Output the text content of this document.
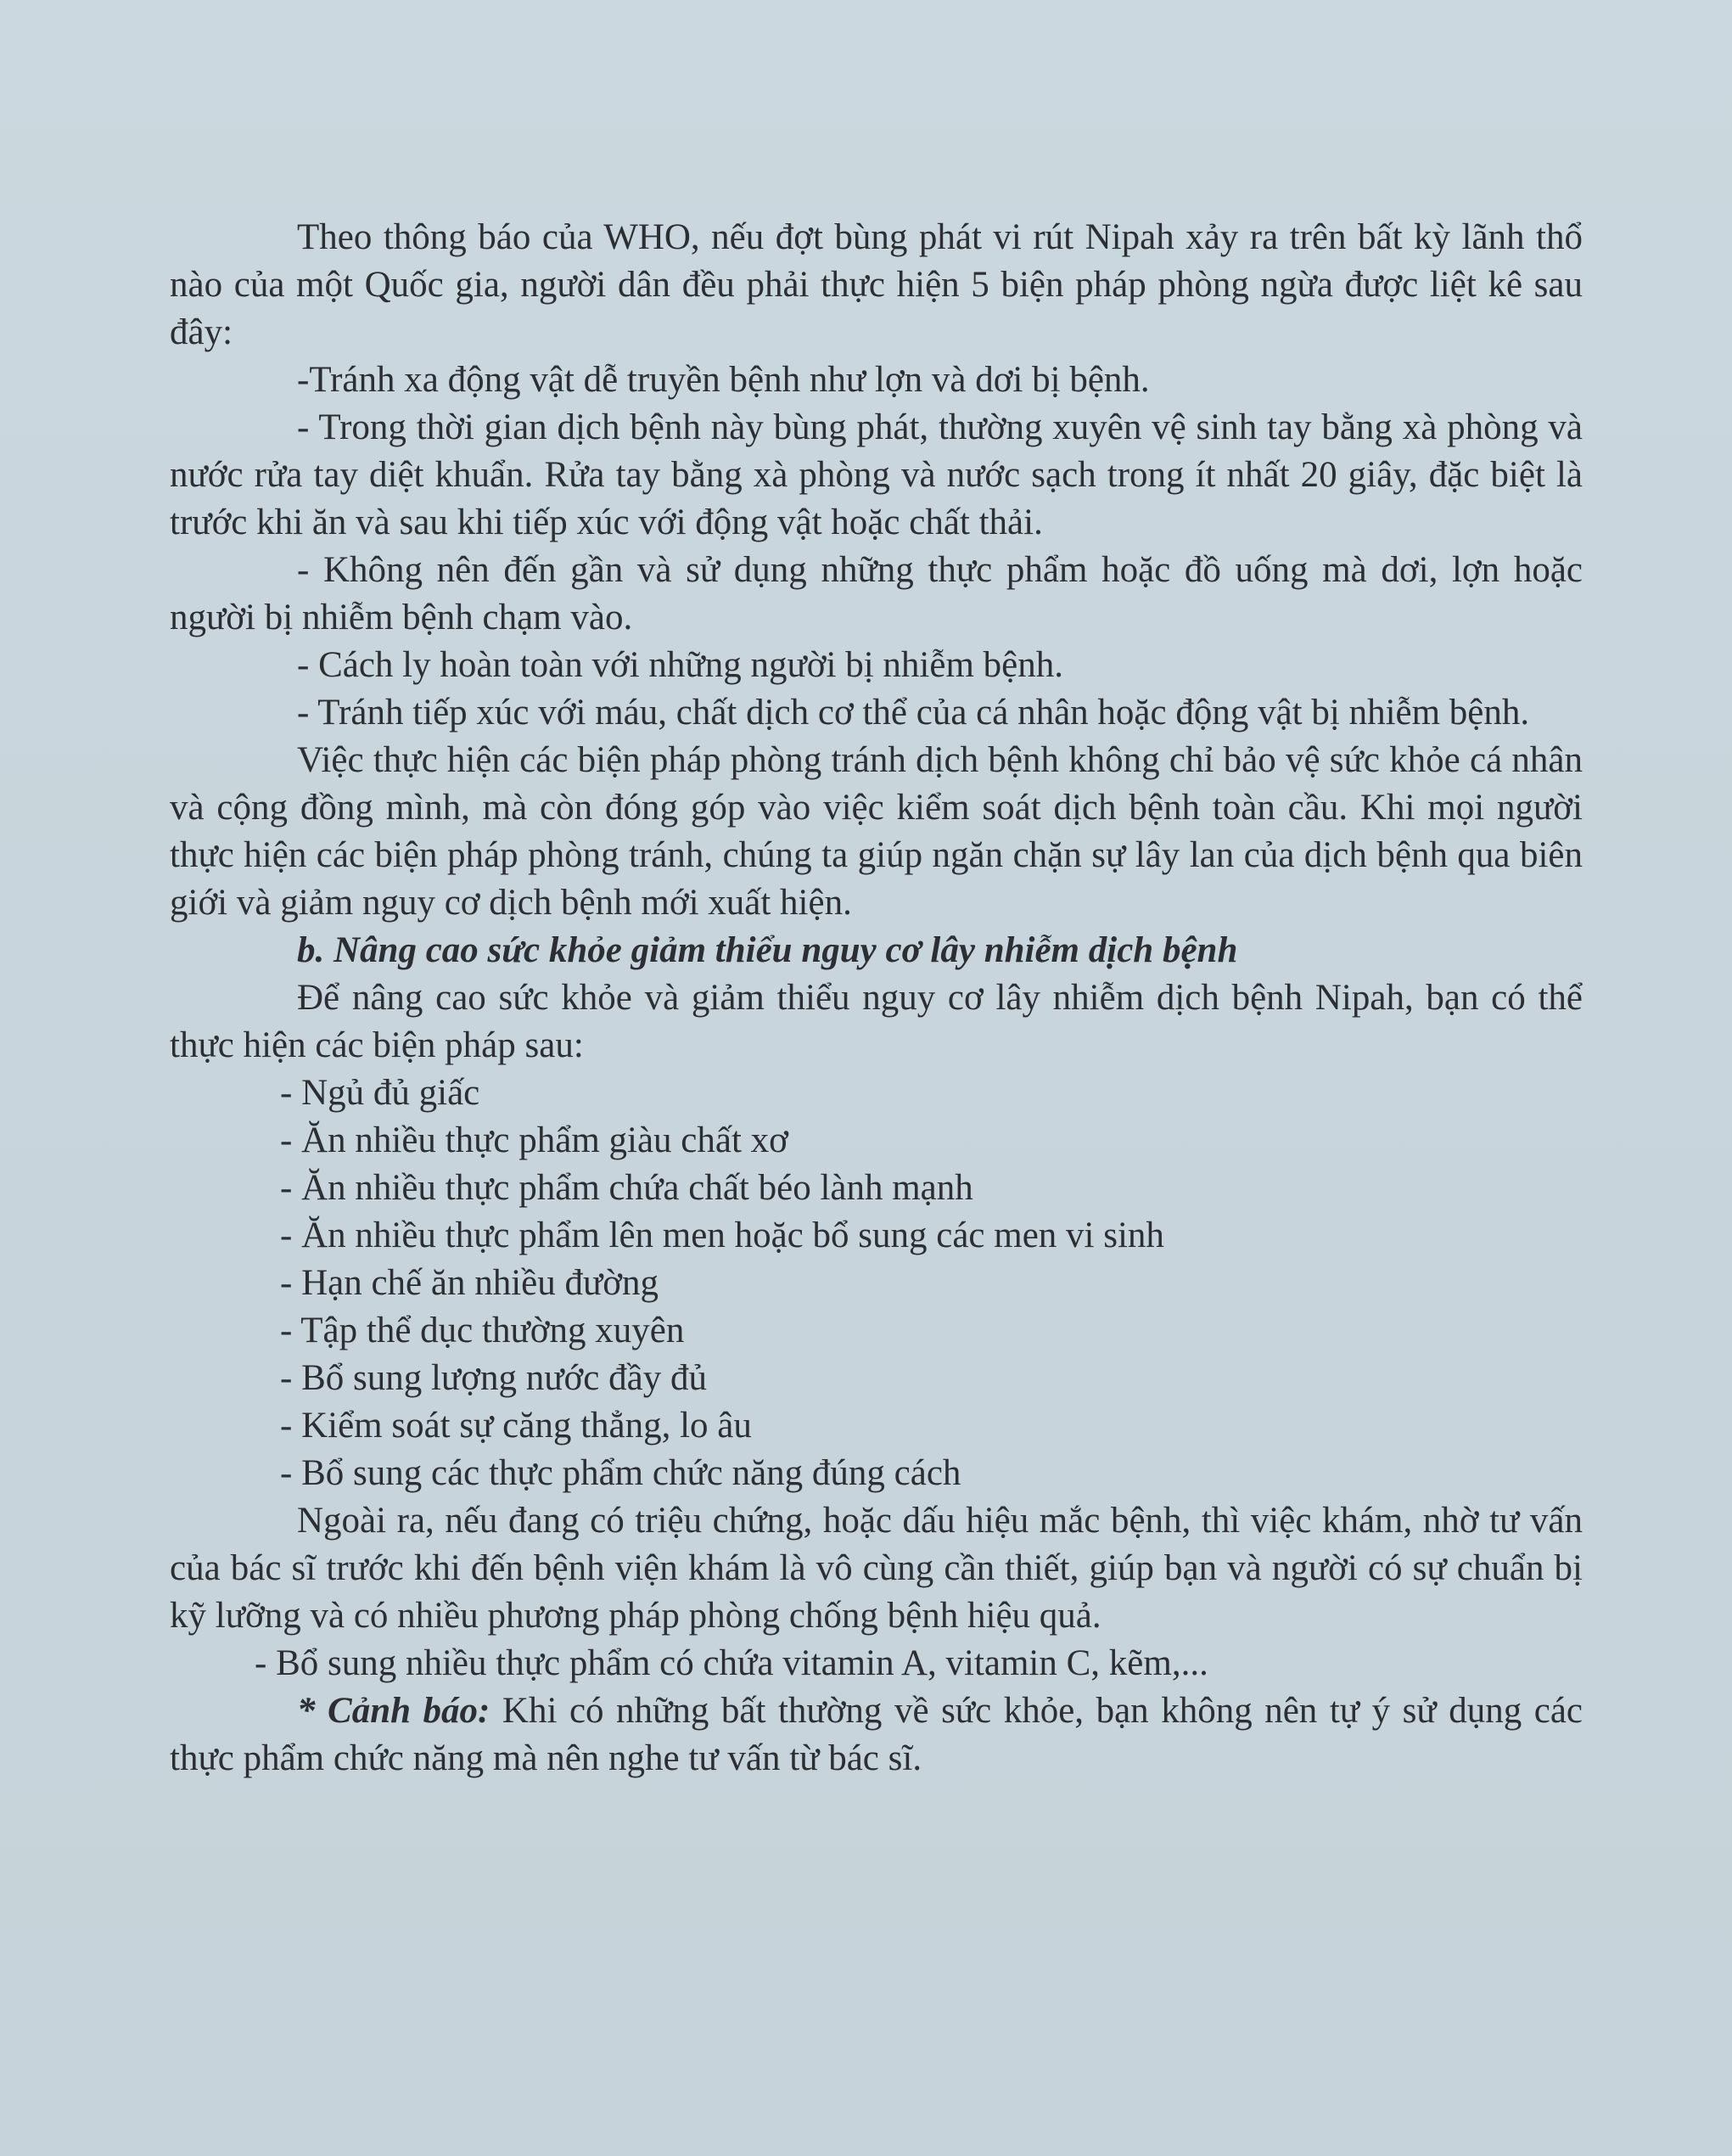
Theo thông báo của WHO, nếu đợt bùng phát vi rút Nipah xảy ra trên bất kỳ lãnh thổ nào của một Quốc gia, người dân đều phải thực hiện 5 biện pháp phòng ngừa được liệt kê sau đây:

-Tránh xa động vật dễ truyền bệnh như lợn và dơi bị bệnh.

- Trong thời gian dịch bệnh này bùng phát, thường xuyên vệ sinh tay bằng xà phòng và nước rửa tay diệt khuẩn. Rửa tay bằng xà phòng và nước sạch trong ít nhất 20 giây, đặc biệt là trước khi ăn và sau khi tiếp xúc với động vật hoặc chất thải.

- Không nên đến gần và sử dụng những thực phẩm hoặc đồ uống mà dơi, lợn hoặc người bị nhiễm bệnh chạm vào.

- Cách ly hoàn toàn với những người bị nhiễm bệnh.

- Tránh tiếp xúc với máu, chất dịch cơ thể của cá nhân hoặc động vật bị nhiễm bệnh.

Việc thực hiện các biện pháp phòng tránh dịch bệnh không chỉ bảo vệ sức khỏe cá nhân và cộng đồng mình, mà còn đóng góp vào việc kiểm soát dịch bệnh toàn cầu. Khi mọi người thực hiện các biện pháp phòng tránh, chúng ta giúp ngăn chặn sự lây lan của dịch bệnh qua biên giới và giảm nguy cơ dịch bệnh mới xuất hiện.

b. Nâng cao sức khỏe giảm thiểu nguy cơ lây nhiễm dịch bệnh

Để nâng cao sức khỏe và giảm thiểu nguy cơ lây nhiễm dịch bệnh Nipah, bạn có thể thực hiện các biện pháp sau:

- Ngủ đủ giấc

- Ăn nhiều thực phẩm giàu chất xơ

- Ăn nhiều thực phẩm chứa chất béo lành mạnh

- Ăn nhiều thực phẩm lên men hoặc bổ sung các men vi sinh

- Hạn chế ăn nhiều đường

- Tập thể dục thường xuyên

- Bổ sung lượng nước đầy đủ

- Kiểm soát sự căng thẳng, lo âu

- Bổ sung các thực phẩm chức năng đúng cách

Ngoài ra, nếu đang có triệu chứng, hoặc dấu hiệu mắc bệnh, thì việc khám, nhờ tư vấn của bác sĩ trước khi đến bệnh viện khám là vô cùng cần thiết, giúp bạn và người có sự chuẩn bị kỹ lưỡng và có nhiều phương pháp phòng chống bệnh hiệu quả.

- Bổ sung nhiều thực phẩm có chứa vitamin A, vitamin C, kẽm,...

* Cảnh báo: Khi có những bất thường về sức khỏe, bạn không nên tự ý sử dụng các thực phẩm chức năng mà nên nghe tư vấn từ bác sĩ.
